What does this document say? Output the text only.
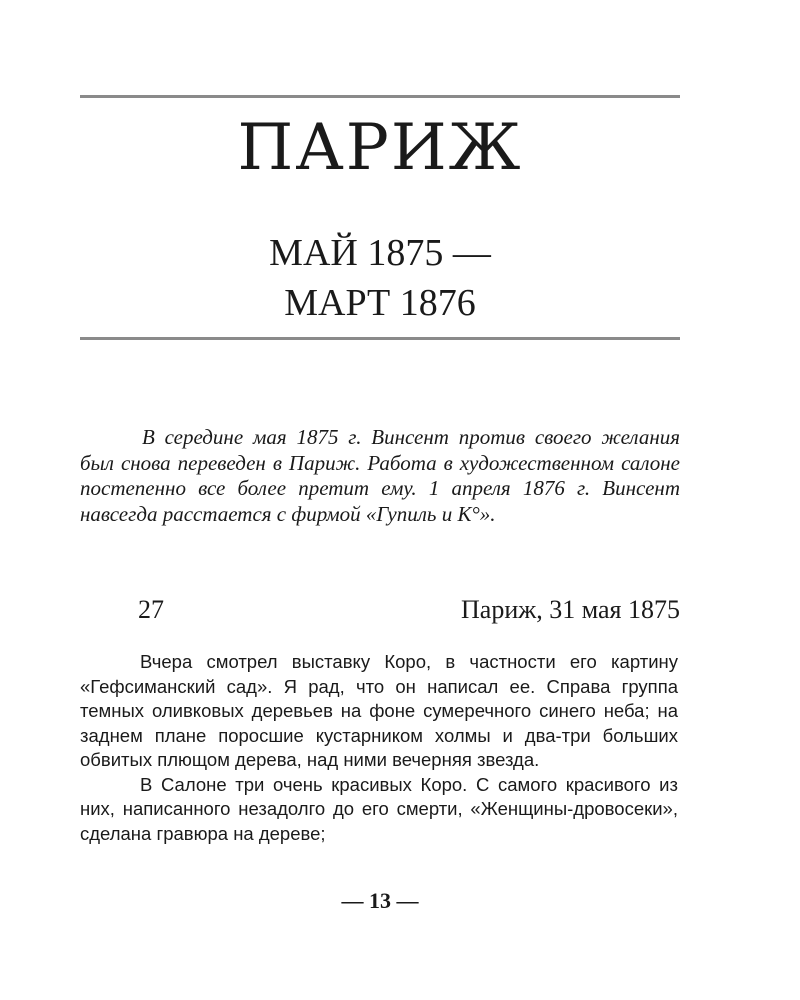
ПАРИЖ
МАЙ 1875 —
МАРТ 1876

В середине мая 1875 г. Винсент против своего желания был снова переведен в Париж. Работа в художественном салоне постепенно все более претит ему. 1 апреля 1876 г. Винсент навсегда расстается с фирмой «Гупиль и К°».

27	Париж, 31 мая 1875

Вчера смотрел выставку Коро, в частности его картину «Гефсиманский сад». Я рад, что он написал ее. Справа группа темных оливковых деревьев на фоне сумеречного синего неба; на заднем плане поросшие кустарником холмы и два-три больших обвитых плющом дерева, над ними вечерняя звезда.

В Салоне три очень красивых Коро. С самого красивого из них, написанного незадолго до его смерти, «Женщины-дровосеки», сделана гравюра на дереве;

— 13 —
